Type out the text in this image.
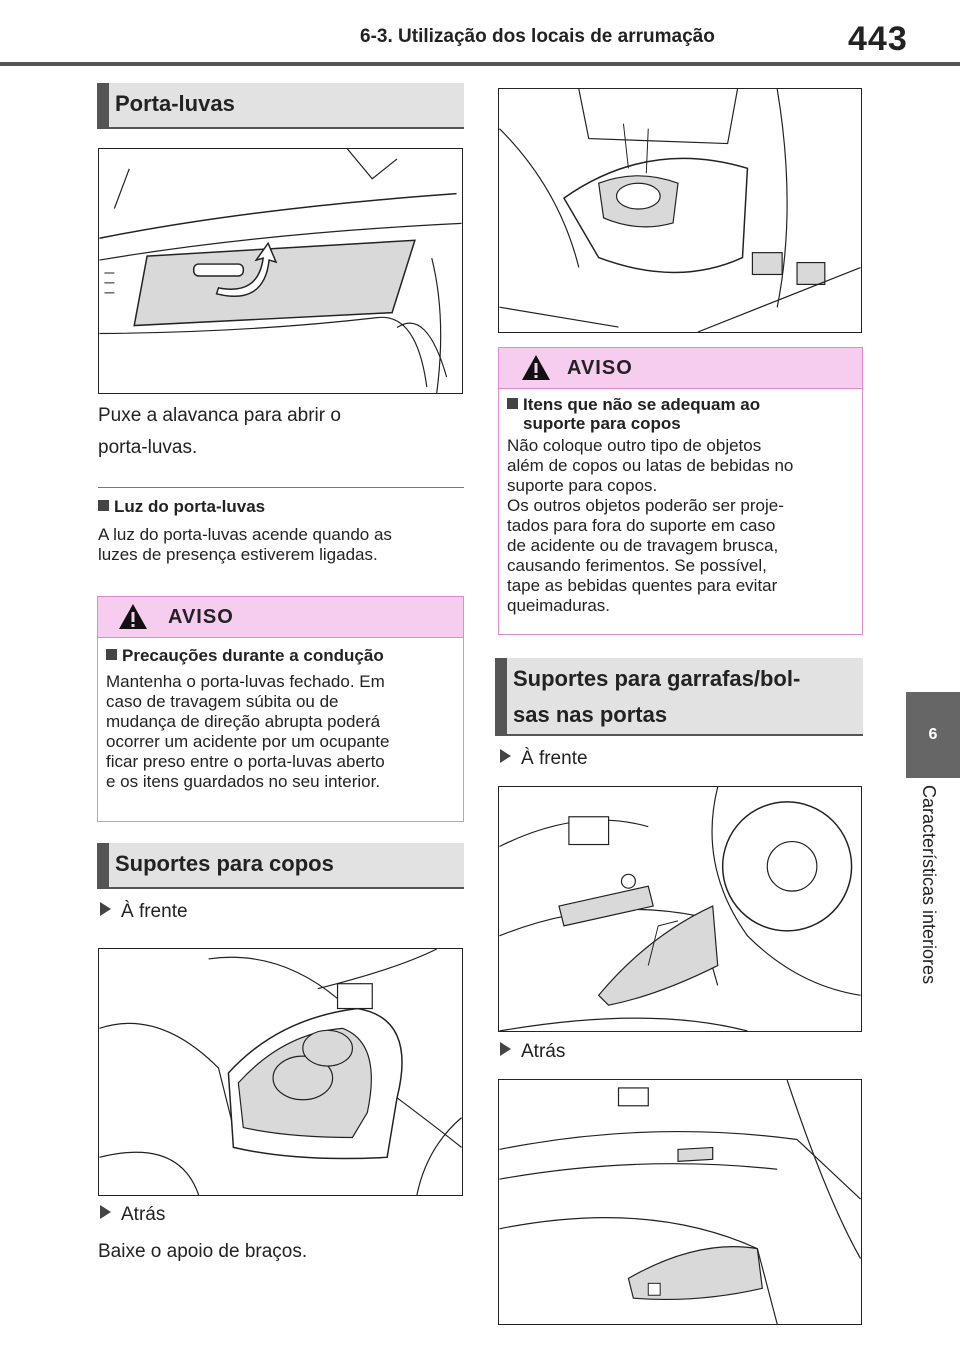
6-3. Utilização dos locais de arrumação	443
6
Características interiores
Porta-luvas
Puxe a alavanca para abrir o
porta-luvas.
Luz do porta-luvas
A luz do porta-luvas acende quando as
luzes de presença estiverem ligadas.
AVISO
Precauções durante a condução
Mantenha o porta-luvas fechado. Em
caso de travagem súbita ou de
mudança de direção abrupta poderá
ocorrer um acidente por um ocupante
ficar preso entre o porta-luvas aberto
e os itens guardados no seu interior.
Suportes para copos
À frente
Atrás
Baixe o apoio de braços.
AVISO
Itens que não se adequam ao
suporte para copos
Não coloque outro tipo de objetos
além de copos ou latas de bebidas no
suporte para copos.
Os outros objetos poderão ser proje-
tados para fora do suporte em caso
de acidente ou de travagem brusca,
causando ferimentos. Se possível,
tape as bebidas quentes para evitar
queimaduras.
Suportes para garrafas/bol-
sas nas portas
À frente
Atrás
